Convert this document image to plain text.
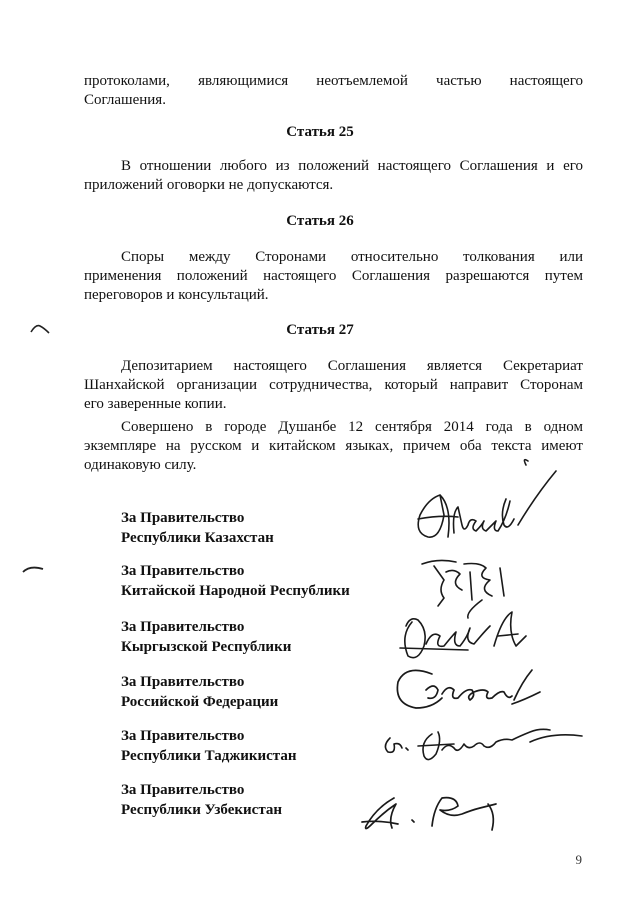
протоколами, являющимися неотъемлемой частью настоящего
Соглашения.
Статья 25
В отношении любого из положений настоящего Соглашения и его
приложений оговорки не допускаются.
Статья 26
Споры между Сторонами относительно толкования или
применения положений настоящего Соглашения разрешаются путем
переговоров и консультаций.
Статья 27
Депозитарием настоящего Соглашения является Секретариат
Шанхайской организации сотрудничества, который направит Сторонам
его заверенные копии.
Совершено в городе Душанбе 12 сентября 2014 года в одном
экземпляре на русском и китайском языках, причем оба текста имеют
одинаковую силу.
За Правительство
Республики Казахстан
За Правительство
Китайской Народной Республики
За Правительство
Кыргызской Республики
За Правительство
Российской Федерации
За Правительство
Республики Таджикистан
За Правительство
Республики Узбекистан
9
